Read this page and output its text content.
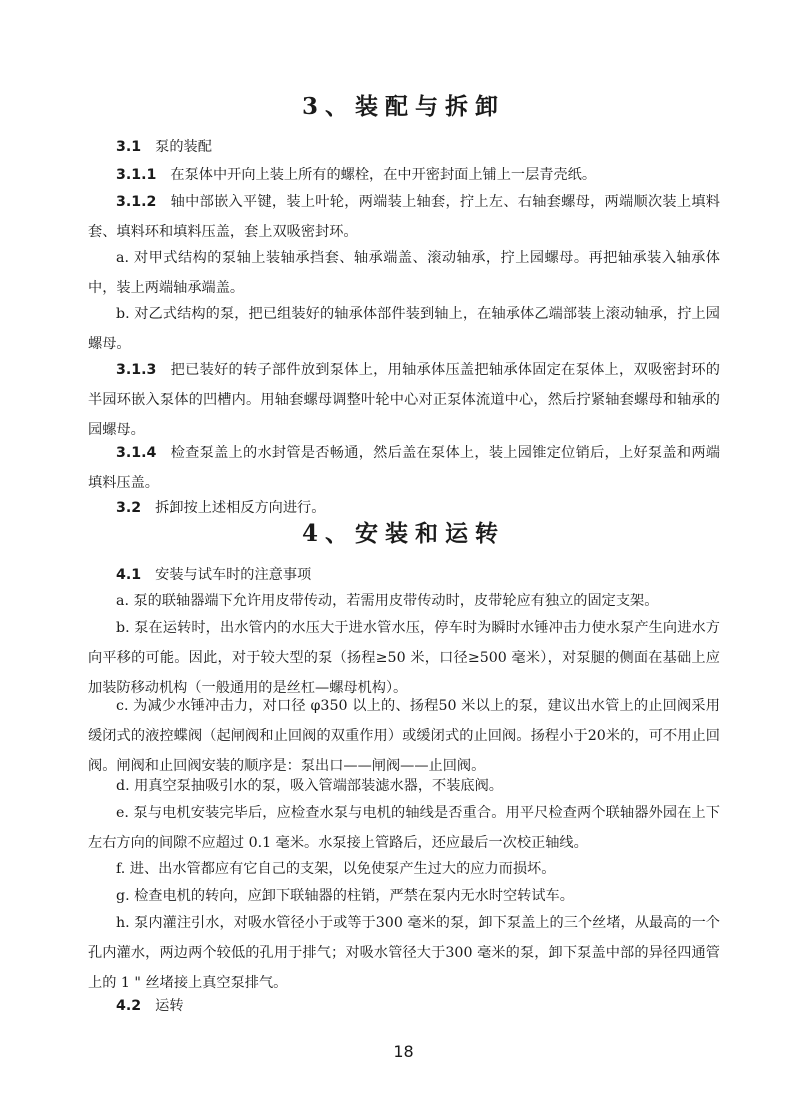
3、装配与拆卸
3.1 泵的装配
3.1.1 在泵体中开向上装上所有的螺栓，在中开密封面上铺上一层青壳纸。
3.1.2 轴中部嵌入平键，装上叶轮，两端装上轴套，拧上左、右轴套螺母，两端顺次装上填料套、填料环和填料压盖，套上双吸密封环。
a. 对甲式结构的泵轴上装轴承挡套、轴承端盖、滚动轴承，拧上园螺母。再把轴承装入轴承体中，装上两端轴承端盖。
b. 对乙式结构的泵，把已组装好的轴承体部件装到轴上，在轴承体乙端部装上滚动轴承，拧上园螺母。
3.1.3 把已装好的转子部件放到泵体上，用轴承体压盖把轴承体固定在泵体上，双吸密封环的半园环嵌入泵体的凹槽内。用轴套螺母调整叶轮中心对正泵体流道中心，然后拧紧轴套螺母和轴承的园螺母。
3.1.4 检查泵盖上的水封管是否畅通，然后盖在泵体上，装上园锥定位销后，上好泵盖和两端填料压盖。
3.2 拆卸按上述相反方向进行。
4、安装和运转
4.1 安装与试车时的注意事项
a. 泵的联轴器端下允许用皮带传动，若需用皮带传动时，皮带轮应有独立的固定支架。
b. 泵在运转时，出水管内的水压大于进水管水压，停车时为瞬时水锤冲击力使水泵产生向进水方向平移的可能。因此，对于较大型的泵（扬程≥50 米，口径≥500 毫米），对泵腿的侧面在基础上应加装防移动机构（一般通用的是丝杠—螺母机构）。
c. 为减少水锤冲击力，对口径 φ350 以上的、扬程50 米以上的泵，建议出水管上的止回阀采用缓闭式的液控蝶阀（起闸阀和止回阀的双重作用）或缓闭式的止回阀。扬程小于20米的，可不用止回阀。闸阀和止回阀安装的顺序是：泵出口——闸阀——止回阀。
d. 用真空泵抽吸引水的泵，吸入管端部装滤水器，不装底阀。
e. 泵与电机安装完毕后，应检查水泵与电机的轴线是否重合。用平尺检查两个联轴器外园在上下左右方向的间隙不应超过 0.1 毫米。水泵接上管路后，还应最后一次校正轴线。
f. 进、出水管都应有它自己的支架，以免使泵产生过大的应力而损坏。
g. 检查电机的转向，应卸下联轴器的柱销，严禁在泵内无水时空转试车。
h. 泵内灌注引水，对吸水管径小于或等于300 毫米的泵，卸下泵盖上的三个丝堵，从最高的一个孔内灌水，两边两个较低的孔用于排气；对吸水管径大于300 毫米的泵，卸下泵盖中部的异径四通管上的 1 " 丝堵接上真空泵排气。
4.2 运转
18
